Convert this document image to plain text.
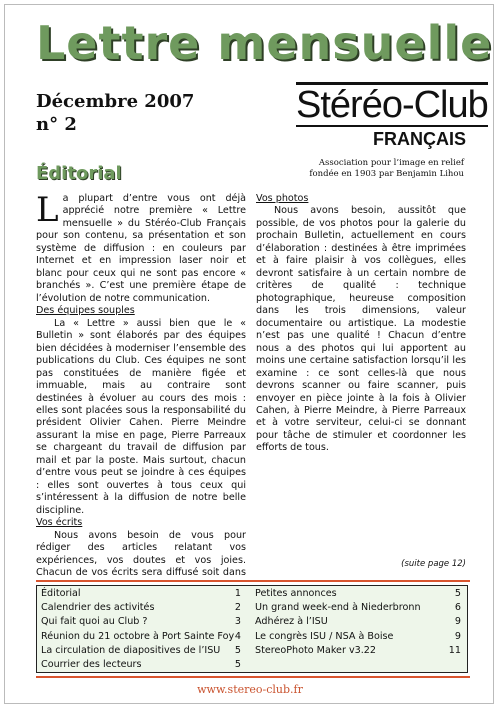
Lettre mensuelle
Décembre 2007
n° 2	Stéréo-Club
FRANÇAIS
Association pour l’image en relief
fondée en 1903 par Benjamin Lihou
Éditorial

La plupart d’entre vous ont déjà apprécié notre première « Lettre mensuelle » du Stéréo-Club Français pour son contenu, sa présentation et son système de diffusion : en couleurs par Internet et en impression laser noir et blanc pour ceux qui ne sont pas encore « branchés ». C’est une première étape de l’évolution de notre communication.

Des équipes souples

La « Lettre » aussi bien que le « Bulletin » sont élaborés par des équipes bien décidées à moderniser l’ensemble des publications du Club. Ces équipes ne sont pas constituées de manière figée et immuable, mais au contraire sont destinées à évoluer au cours des mois : elles sont placées sous la responsabilité du président Olivier Cahen. Pierre Meindre assurant la mise en page, Pierre Parreaux se chargeant du travail de diffusion par mail et par la poste. Mais surtout, chacun d’entre vous peut se joindre à ces équipes : elles sont ouvertes à tous ceux qui s’intéressent à la diffusion de notre belle discipline.

Vos écrits

Nous avons besoin de vous pour rédiger des articles relatant vos expériences, vos doutes et vos joies. Chacun de vos écrits sera diffusé soit dans

Vos photos

Nous avons besoin, aussitôt que possible, de vos photos pour la galerie du prochain Bulletin, actuellement en cours d’élaboration : destinées à être imprimées et à faire plaisir à vos collègues, elles devront satisfaire à un certain nombre de critères de qualité : technique photographique, heureuse composition dans les trois dimensions, valeur documentaire ou artistique. La modestie n’est pas une qualité ! Chacun d’entre nous a des photos qui lui apportent au moins une certaine satisfaction lorsqu’il les examine : ce sont celles-là que nous devrons scanner ou faire scanner, puis envoyer en pièce jointe à la fois à Olivier Cahen, à Pierre Meindre, à Pierre Parreaux et à votre serviteur, celui-ci se donnant pour tâche de stimuler et coordonner les efforts de tous.

(suite page 12)
Éditorial	1
Calendrier des activités	2
Qui fait quoi au Club ?	3
Réunion du 21 octobre à Port Sainte Foy 4
La circulation de diapositives de l’ISU 5
Courrier des lecteurs	5
Petites annonces	5
Un grand week-end à Niederbronn	6
Adhérez à l’ISU	9
Le congrès ISU / NSA à Boise	9
StereoPhoto Maker v3.22	11
www.stereo-club.fr
